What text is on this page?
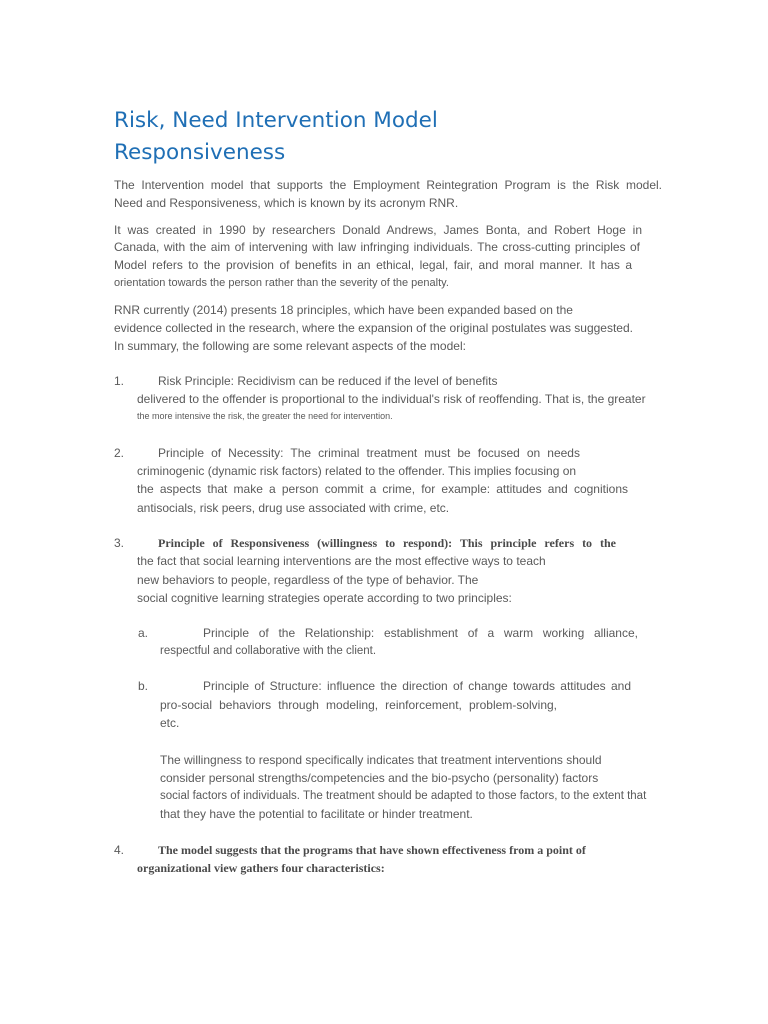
Risk, Need Intervention Model
Responsiveness
The Intervention model that supports the Employment Reintegration Program is the Risk model.
Need and Responsiveness, which is known by its acronym RNR.
It was created in 1990 by researchers Donald Andrews, James Bonta, and Robert Hoge in
Canada, with the aim of intervening with law infringing individuals. The cross-cutting principles of
Model refers to the provision of benefits in an ethical, legal, fair, and moral manner. It has a
orientation towards the person rather than the severity of the penalty.
RNR currently (2014) presents 18 principles, which have been expanded based on the
evidence collected in the research, where the expansion of the original postulates was suggested.
In summary, the following are some relevant aspects of the model:
1.	Risk Principle: Recidivism can be reduced if the level of benefits
delivered to the offender is proportional to the individual's risk of reoffending. That is, the greater
the more intensive the risk, the greater the need for intervention.
2.	Principle of Necessity: The criminal treatment must be focused on needs
criminogenic (dynamic risk factors) related to the offender. This implies focusing on
the aspects that make a person commit a crime, for example: attitudes and cognitions
antisocials, risk peers, drug use associated with crime, etc.
3.	Principle of Responsiveness (willingness to respond): This principle refers to the
the fact that social learning interventions are the most effective ways to teach
new behaviors to people, regardless of the type of behavior. The
social cognitive learning strategies operate according to two principles:
a.	Principle of the Relationship: establishment of a warm working alliance,
respectful and collaborative with the client.
b.	Principle of Structure: influence the direction of change towards attitudes and
pro-social behaviors through modeling, reinforcement, problem-solving,
etc.
The willingness to respond specifically indicates that treatment interventions should
consider personal strengths/competencies and the bio-psycho (personality) factors
social factors of individuals. The treatment should be adapted to those factors, to the extent that
that they have the potential to facilitate or hinder treatment.
4.	The model suggests that the programs that have shown effectiveness from a point of
organizational view gathers four characteristics:
